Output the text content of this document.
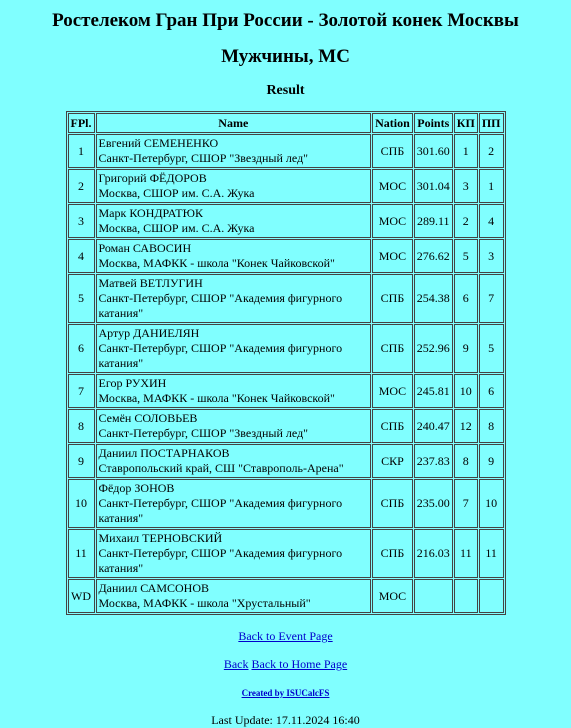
Ростелеком Гран При России - Золотой конек Москвы
Мужчины, МС
Result
FPl.	Name	Nation	Points	КП	ПП
1	Евгений СЕМЕНЕНКО
Санкт-Петербург, СШОР "Звездный лед"	СПБ	301.60	1	2
2	Григорий ФЁДОРОВ
Москва, СШОР им. С.А. Жука	МОС	301.04	3	1
3	Марк КОНДРАТЮК
Москва, СШОР им. С.А. Жука	МОС	289.11	2	4
4	Роман САВОСИН
Москва, МАФКК - школа "Конек Чайковской"	МОС	276.62	5	3
5	Матвей ВЕТЛУГИН
Санкт-Петербург, СШОР "Академия фигурного катания"	СПБ	254.38	6	7
6	Артур ДАНИЕЛЯН
Санкт-Петербург, СШОР "Академия фигурного катания"	СПБ	252.96	9	5
7	Егор РУХИН
Москва, МАФКК - школа "Конек Чайковской"	МОС	245.81	10	6
8	Семён СОЛОВЬЕВ
Санкт-Петербург, СШОР "Звездный лед"	СПБ	240.47	12	8
9	Даниил ПОСТАРНАКОВ
Ставропольский край, СШ "Ставрополь-Арена"	СКР	237.83	8	9
10	Фёдор ЗОНОВ
Санкт-Петербург, СШОР "Академия фигурного катания"	СПБ	235.00	7	10
11	Михаил ТЕРНОВСКИЙ
Санкт-Петербург, СШОР "Академия фигурного катания"	СПБ	216.03	11	11
WD	Даниил САМСОНОВ
Москва, МАФКК - школа "Хрустальный"	МОС			

Back to Event Page

Back Back to Home Page

Created by ISUCalcFS

Last Update: 17.11.2024 16:40
